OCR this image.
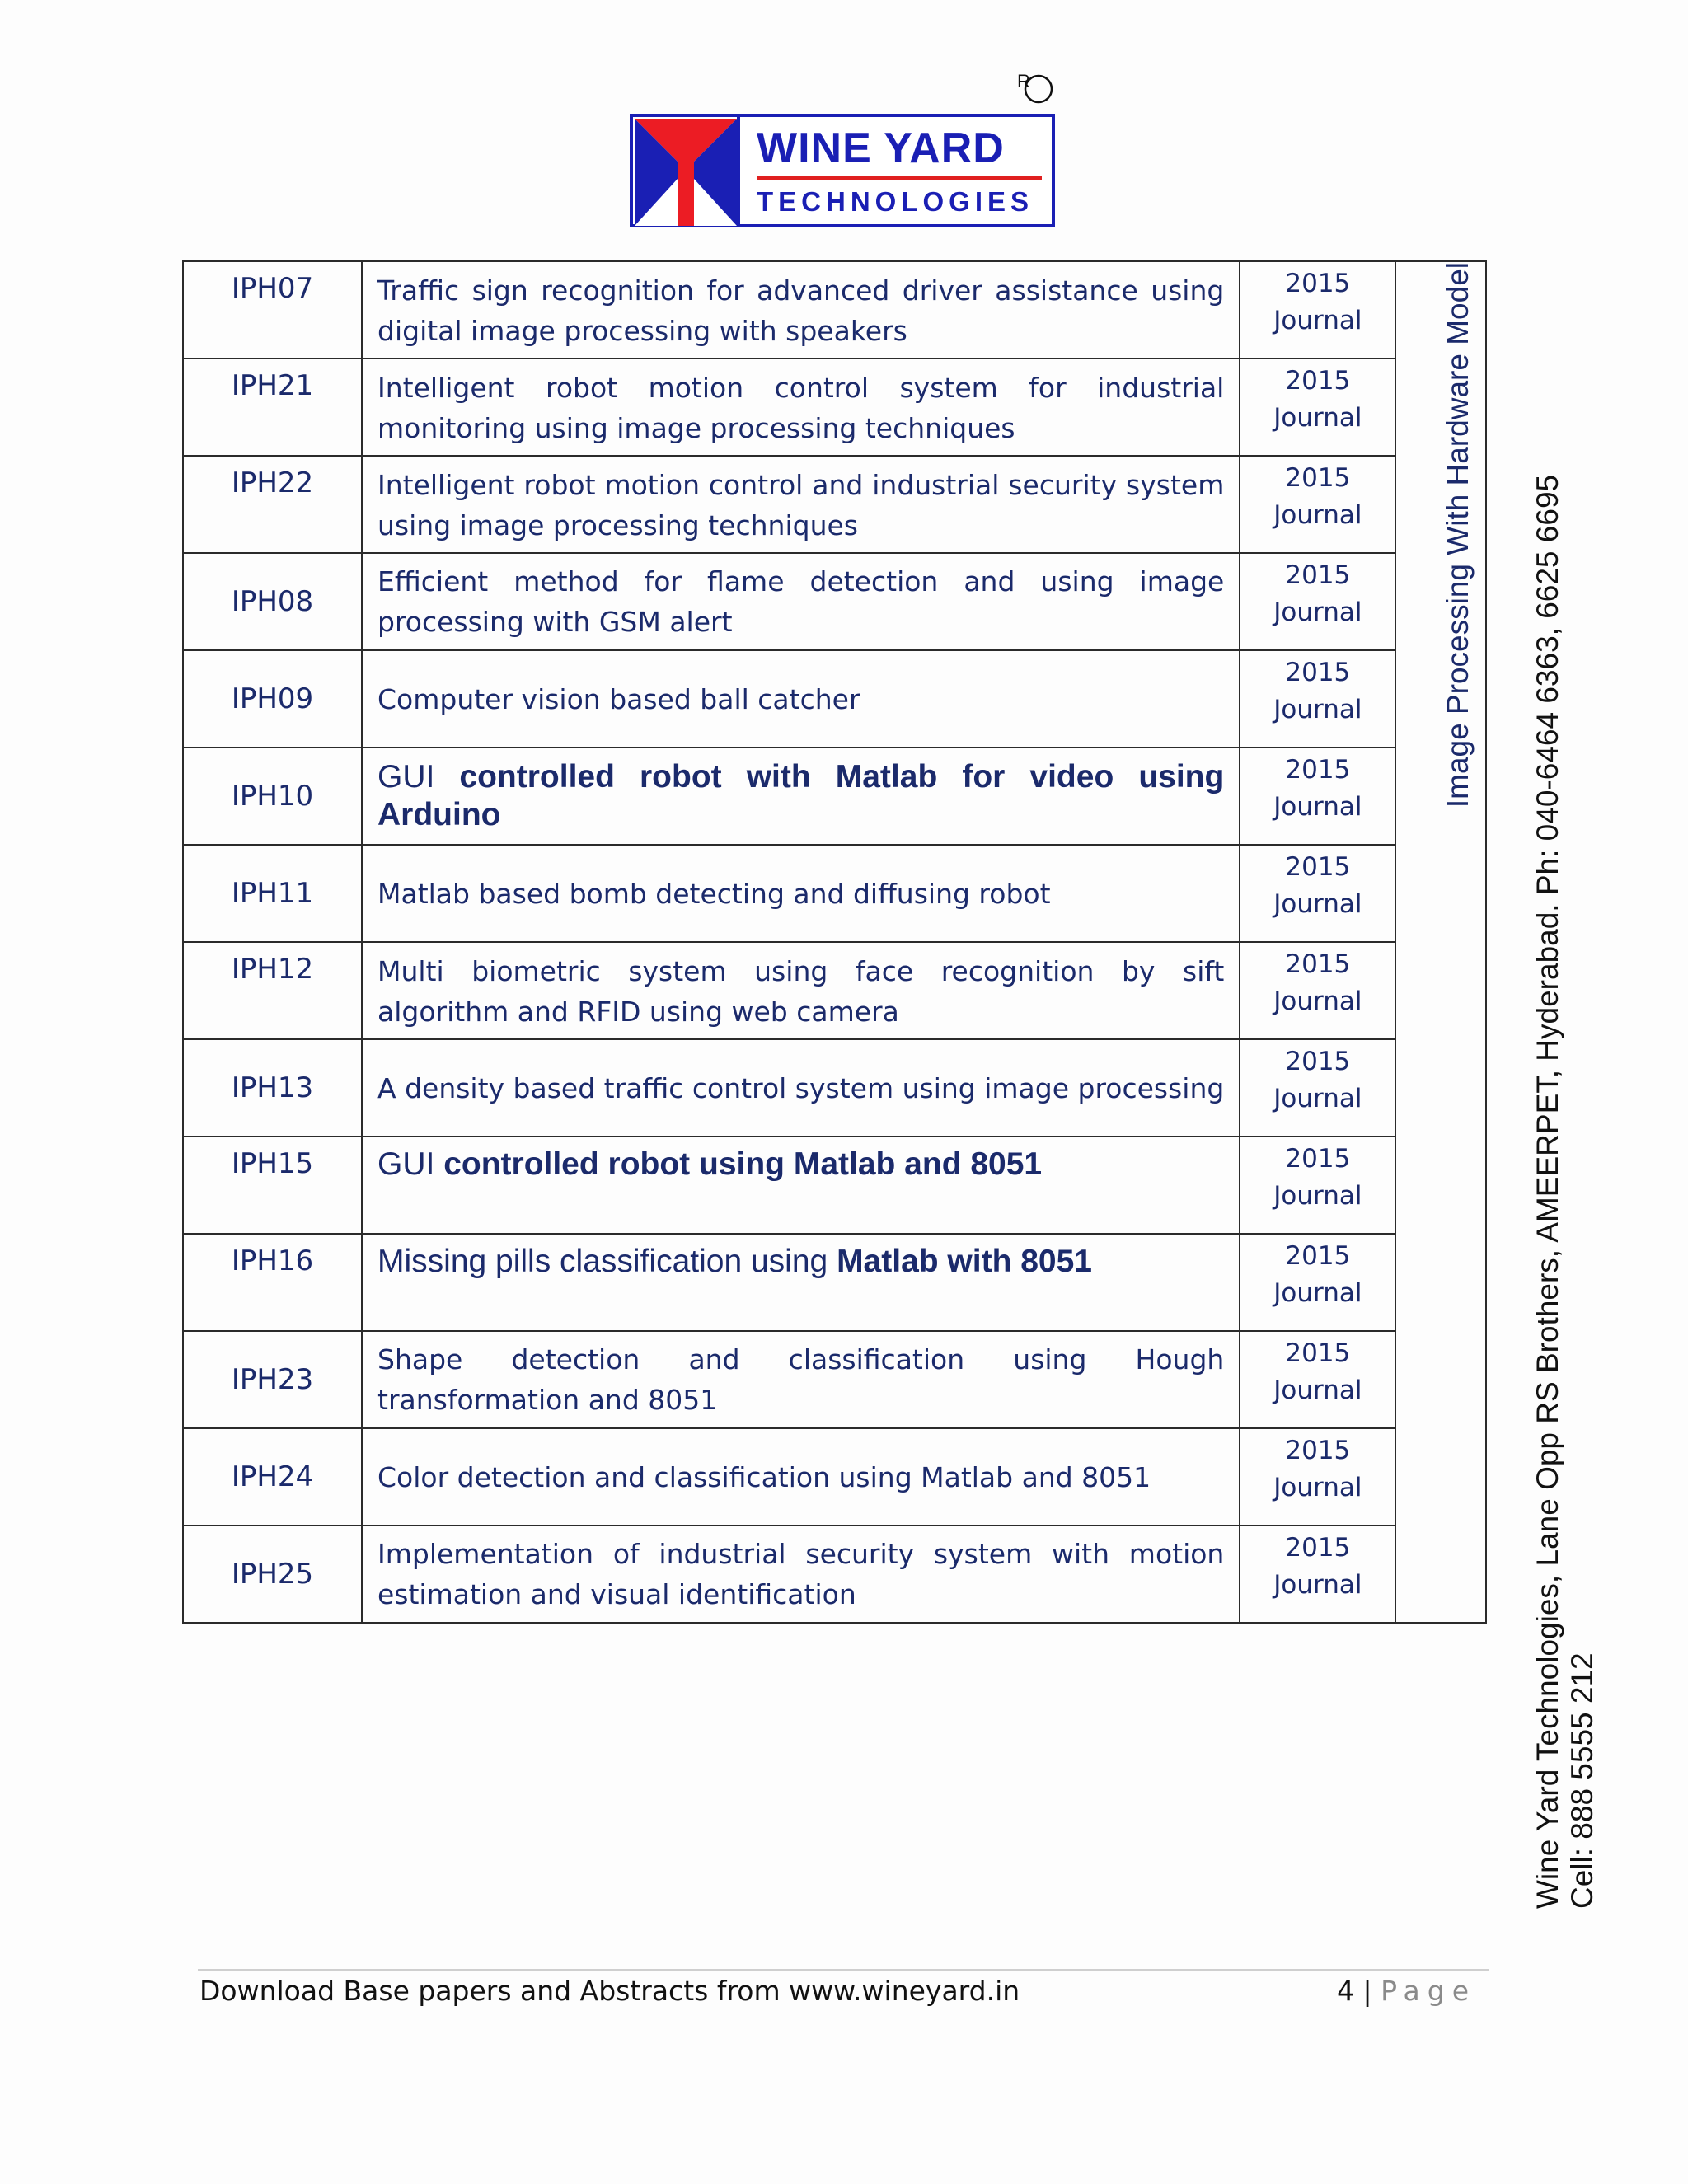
R
WINE YARD
TECHNOLOGIES
IPH07	Traffic sign recognition for advanced driver assistance using digital image processing with speakers	2015
Journal	Image Processing With Hardware Model

IPH21	Intelligent robot motion control system for industrial monitoring using image processing techniques	2015
Journal	

IPH22	Intelligent robot motion control and industrial security system using image processing techniques	2015
Journal	

IPH08	Efficient method for flame detection and using image processing with GSM alert	2015
Journal	

IPH09	Computer vision based ball catcher	2015
Journal	

IPH10	GUI controlled robot with Matlab for video using Arduino	2015
Journal	

IPH11	Matlab based bomb detecting and diffusing robot	2015
Journal	

IPH12	Multi biometric system using face recognition by sift algorithm and RFID using web camera	2015
Journal	

IPH13	A density based traffic control system using image processing	2015
Journal	

IPH15	GUI controlled robot using Matlab and 8051	2015
Journal	

IPH16	Missing pills classification using Matlab with 8051	2015
Journal	

IPH23	Shape detection and classification using Hough transformation and 8051	2015
Journal	

IPH24	Color detection and classification using Matlab and 8051	2015
Journal	

IPH25	Implementation of industrial security system with motion estimation and visual identification	2015
Journal		Wine Yard Technologies, Lane Opp RS Brothers, AMEERPET, Hyderabad. Ph: 040-6464 6363, 6625 6695 Cell: 888 5555 212
Download Base papers and Abstracts from www.wineyard.in	4 | Page
